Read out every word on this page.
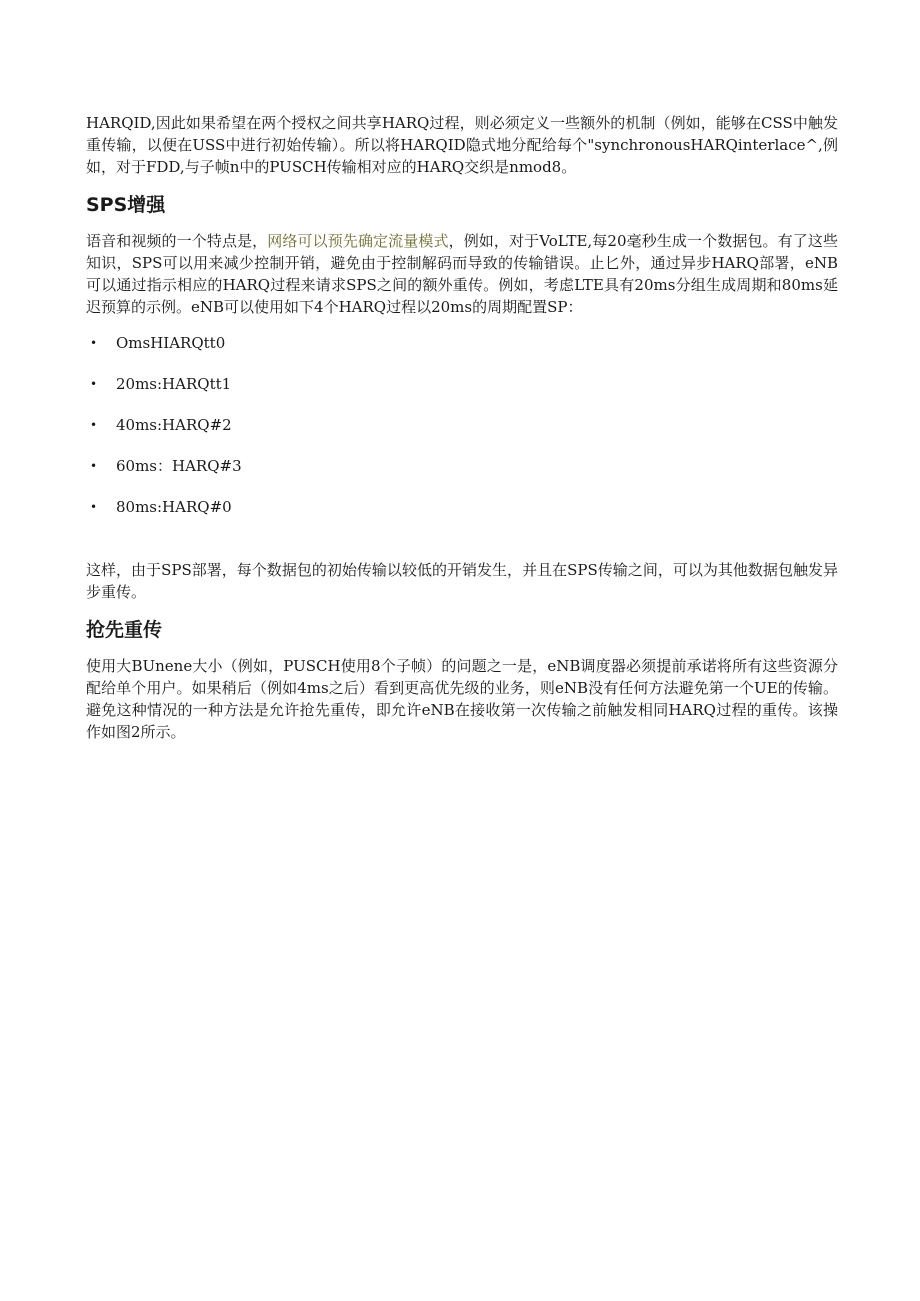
HARQID,因此如果希望在两个授权之间共享HARQ过程，则必须定义一些额外的机制（例如，能够在CSS中触发重传输，以便在USS中进行初始传输）。所以将HARQID隐式地分配给每个"synchronousHARQinterlace^,例如，对于FDD,与子帧n中的PUSCH传输相对应的HARQ交织是nmod8。

SPS增强

语音和视频的一个特点是，网络可以预先确定流量模式，例如，对于VoLTE,每20毫秒生成一个数据包。有了这些知识，SPS可以用来减少控制开销，避免由于控制解码而导致的传输错误。止匕外，通过异步HARQ部署，eNB可以通过指示相应的HARQ过程来请求SPS之间的额外重传。例如，考虑LTE具有20ms分组生成周期和80ms延迟预算的示例。eNB可以使用如下4个HARQ过程以20ms的周期配置SP：

• OmsHIARQtt0
• 20ms:HARQtt1
• 40ms:HARQ#2
• 60ms：HARQ#3
• 80ms:HARQ#0

这样，由于SPS部署，每个数据包的初始传输以较低的开销发生，并且在SPS传输之间，可以为其他数据包触发异步重传。

抢先重传

使用大BUnene大小（例如，PUSCH使用8个子帧）的问题之一是，eNB调度器必须提前承诺将所有这些资源分配给单个用户。如果稍后（例如4ms之后）看到更高优先级的业务，则eNB没有任何方法避免第一个UE的传输。避免这种情况的一种方法是允许抢先重传，即允许eNB在接收第一次传输之前触发相同HARQ过程的重传。该操作如图2所示。
